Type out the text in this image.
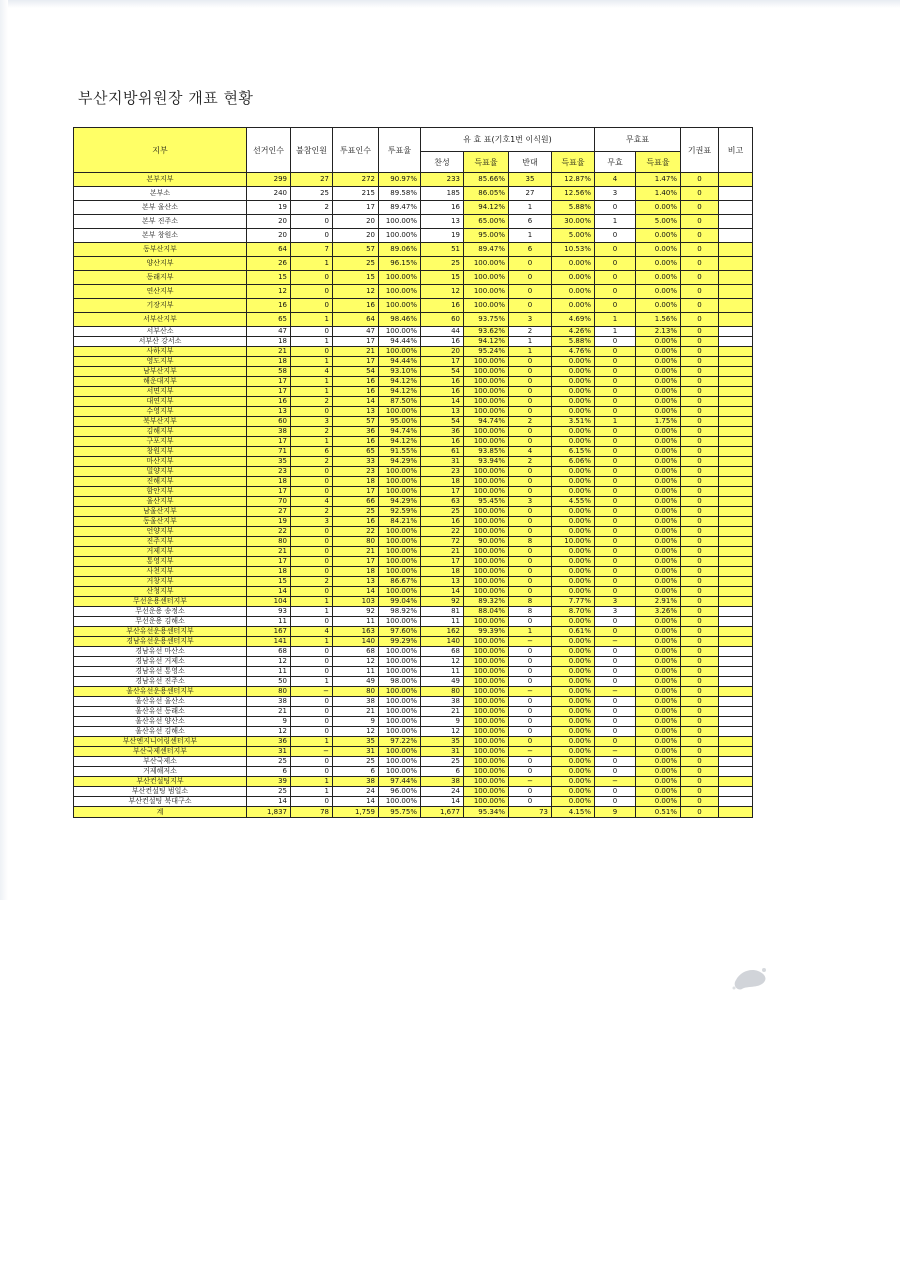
부산지방위원장 개표 현황
지부	선거인수	불참인원	투표인수	투표율	유 효 표(기호1번 이식원)				무효표		기권표	비고
					찬성	득표율	반대	득표율	무효	득표율		
본부지부	299	27	272	90.97%	233	85.66%	35	12.87%	4	1.47%	0	
본부소	240	25	215	89.58%	185	86.05%	27	12.56%	3	1.40%	0	
본부 울산소	19	2	17	89.47%	16	94.12%	1	5.88%	0	0.00%	0	
본부 진주소	20	0	20	100.00%	13	65.00%	6	30.00%	1	5.00%	0	
본부 창원소	20	0	20	100.00%	19	95.00%	1	5.00%	0	0.00%	0	
동부산지부	64	7	57	89.06%	51	89.47%	6	10.53%	0	0.00%	0	
양산지부	26	1	25	96.15%	25	100.00%	0	0.00%	0	0.00%	0	
동래지부	15	0	15	100.00%	15	100.00%	0	0.00%	0	0.00%	0	
연산지부	12	0	12	100.00%	12	100.00%	0	0.00%	0	0.00%	0	
기장지부	16	0	16	100.00%	16	100.00%	0	0.00%	0	0.00%	0	
서부산지부	65	1	64	98.46%	60	93.75%	3	4.69%	1	1.56%	0	
서부산소	47	0	47	100.00%	44	93.62%	2	4.26%	1	2.13%	0	
서부산 강서소	18	1	17	94.44%	16	94.12%	1	5.88%	0	0.00%	0	
사하지부	21	0	21	100.00%	20	95.24%	1	4.76%	0	0.00%	0	
영도지부	18	1	17	94.44%	17	100.00%	0	0.00%	0	0.00%	0	
남부산지부	58	4	54	93.10%	54	100.00%	0	0.00%	0	0.00%	0	
해운대지부	17	1	16	94.12%	16	100.00%	0	0.00%	0	0.00%	0	
서면지부	17	1	16	94.12%	16	100.00%	0	0.00%	0	0.00%	0	
대연지부	16	2	14	87.50%	14	100.00%	0	0.00%	0	0.00%	0	
수영지부	13	0	13	100.00%	13	100.00%	0	0.00%	0	0.00%	0	
북부산지부	60	3	57	95.00%	54	94.74%	2	3.51%	1	1.75%	0	
김해지부	38	2	36	94.74%	36	100.00%	0	0.00%	0	0.00%	0	
구포지부	17	1	16	94.12%	16	100.00%	0	0.00%	0	0.00%	0	
창원지부	71	6	65	91.55%	61	93.85%	4	6.15%	0	0.00%	0	
마산지부	35	2	33	94.29%	31	93.94%	2	6.06%	0	0.00%	0	
밀양지부	23	0	23	100.00%	23	100.00%	0	0.00%	0	0.00%	0	
진해지부	18	0	18	100.00%	18	100.00%	0	0.00%	0	0.00%	0	
함안지부	17	0	17	100.00%	17	100.00%	0	0.00%	0	0.00%	0	
울산지부	70	4	66	94.29%	63	95.45%	3	4.55%	0	0.00%	0	
남울산지부	27	2	25	92.59%	25	100.00%	0	0.00%	0	0.00%	0	
동울산지부	19	3	16	84.21%	16	100.00%	0	0.00%	0	0.00%	0	
언양지부	22	0	22	100.00%	22	100.00%	0	0.00%	0	0.00%	0	
진주지부	80	0	80	100.00%	72	90.00%	8	10.00%	0	0.00%	0	
거제지부	21	0	21	100.00%	21	100.00%	0	0.00%	0	0.00%	0	
통영지부	17	0	17	100.00%	17	100.00%	0	0.00%	0	0.00%	0	
사천지부	18	0	18	100.00%	18	100.00%	0	0.00%	0	0.00%	0	
거창지부	15	2	13	86.67%	13	100.00%	0	0.00%	0	0.00%	0	
산청지부	14	0	14	100.00%	14	100.00%	0	0.00%	0	0.00%	0	
무선운용센터지부	104	1	103	99.04%	92	89.32%	8	7.77%	3	2.91%	0	
무선운용 송정소	93	1	92	98.92%	81	88.04%	8	8.70%	3	3.26%	0	
무선운용 김해소	11	0	11	100.00%	11	100.00%	0	0.00%	0	0.00%	0	
부산유선운용센터지부	167	4	163	97.60%	162	99.39%	1	0.61%	0	0.00%	0	
경남유선운용센터지부	141	1	140	99.29%	140	100.00%	−	0.00%	−	0.00%	0	
경남유선 마산소	68	0	68	100.00%	68	100.00%	0	0.00%	0	0.00%	0	
경남유선 거제소	12	0	12	100.00%	12	100.00%	0	0.00%	0	0.00%	0	
경남유선 통영소	11	0	11	100.00%	11	100.00%	0	0.00%	0	0.00%	0	
경남유선 진주소	50	1	49	98.00%	49	100.00%	0	0.00%	0	0.00%	0	
울산유선운용센터지부	80	−	80	100.00%	80	100.00%	−	0.00%	−	0.00%	0	
울산유선 울산소	38	0	38	100.00%	38	100.00%	0	0.00%	0	0.00%	0	
울산유선 동래소	21	0	21	100.00%	21	100.00%	0	0.00%	0	0.00%	0	
울산유선 양산소	9	0	9	100.00%	9	100.00%	0	0.00%	0	0.00%	0	
울산유선 김해소	12	0	12	100.00%	12	100.00%	0	0.00%	0	0.00%	0	
부산엔지니어링센터지부	36	1	35	97.22%	35	100.00%	0	0.00%	0	0.00%	0	
부산국제센터지부	31	−	31	100.00%	31	100.00%	−	0.00%	−	0.00%	0	
부산국제소	25	0	25	100.00%	25	100.00%	0	0.00%	0	0.00%	0	
거제해저소	6	0	6	100.00%	6	100.00%	0	0.00%	0	0.00%	0	
부산컨설팅지부	39	1	38	97.44%	38	100.00%	−	0.00%	−	0.00%	0	
부산컨설팅 범일소	25	1	24	96.00%	24	100.00%	0	0.00%	0	0.00%	0	
부산컨설팅 북대구소	14	0	14	100.00%	14	100.00%	0	0.00%	0	0.00%	0	
계	1,837	78	1,759	95.75%	1,677	95.34%	73	4.15%	9	0.51%	0	
